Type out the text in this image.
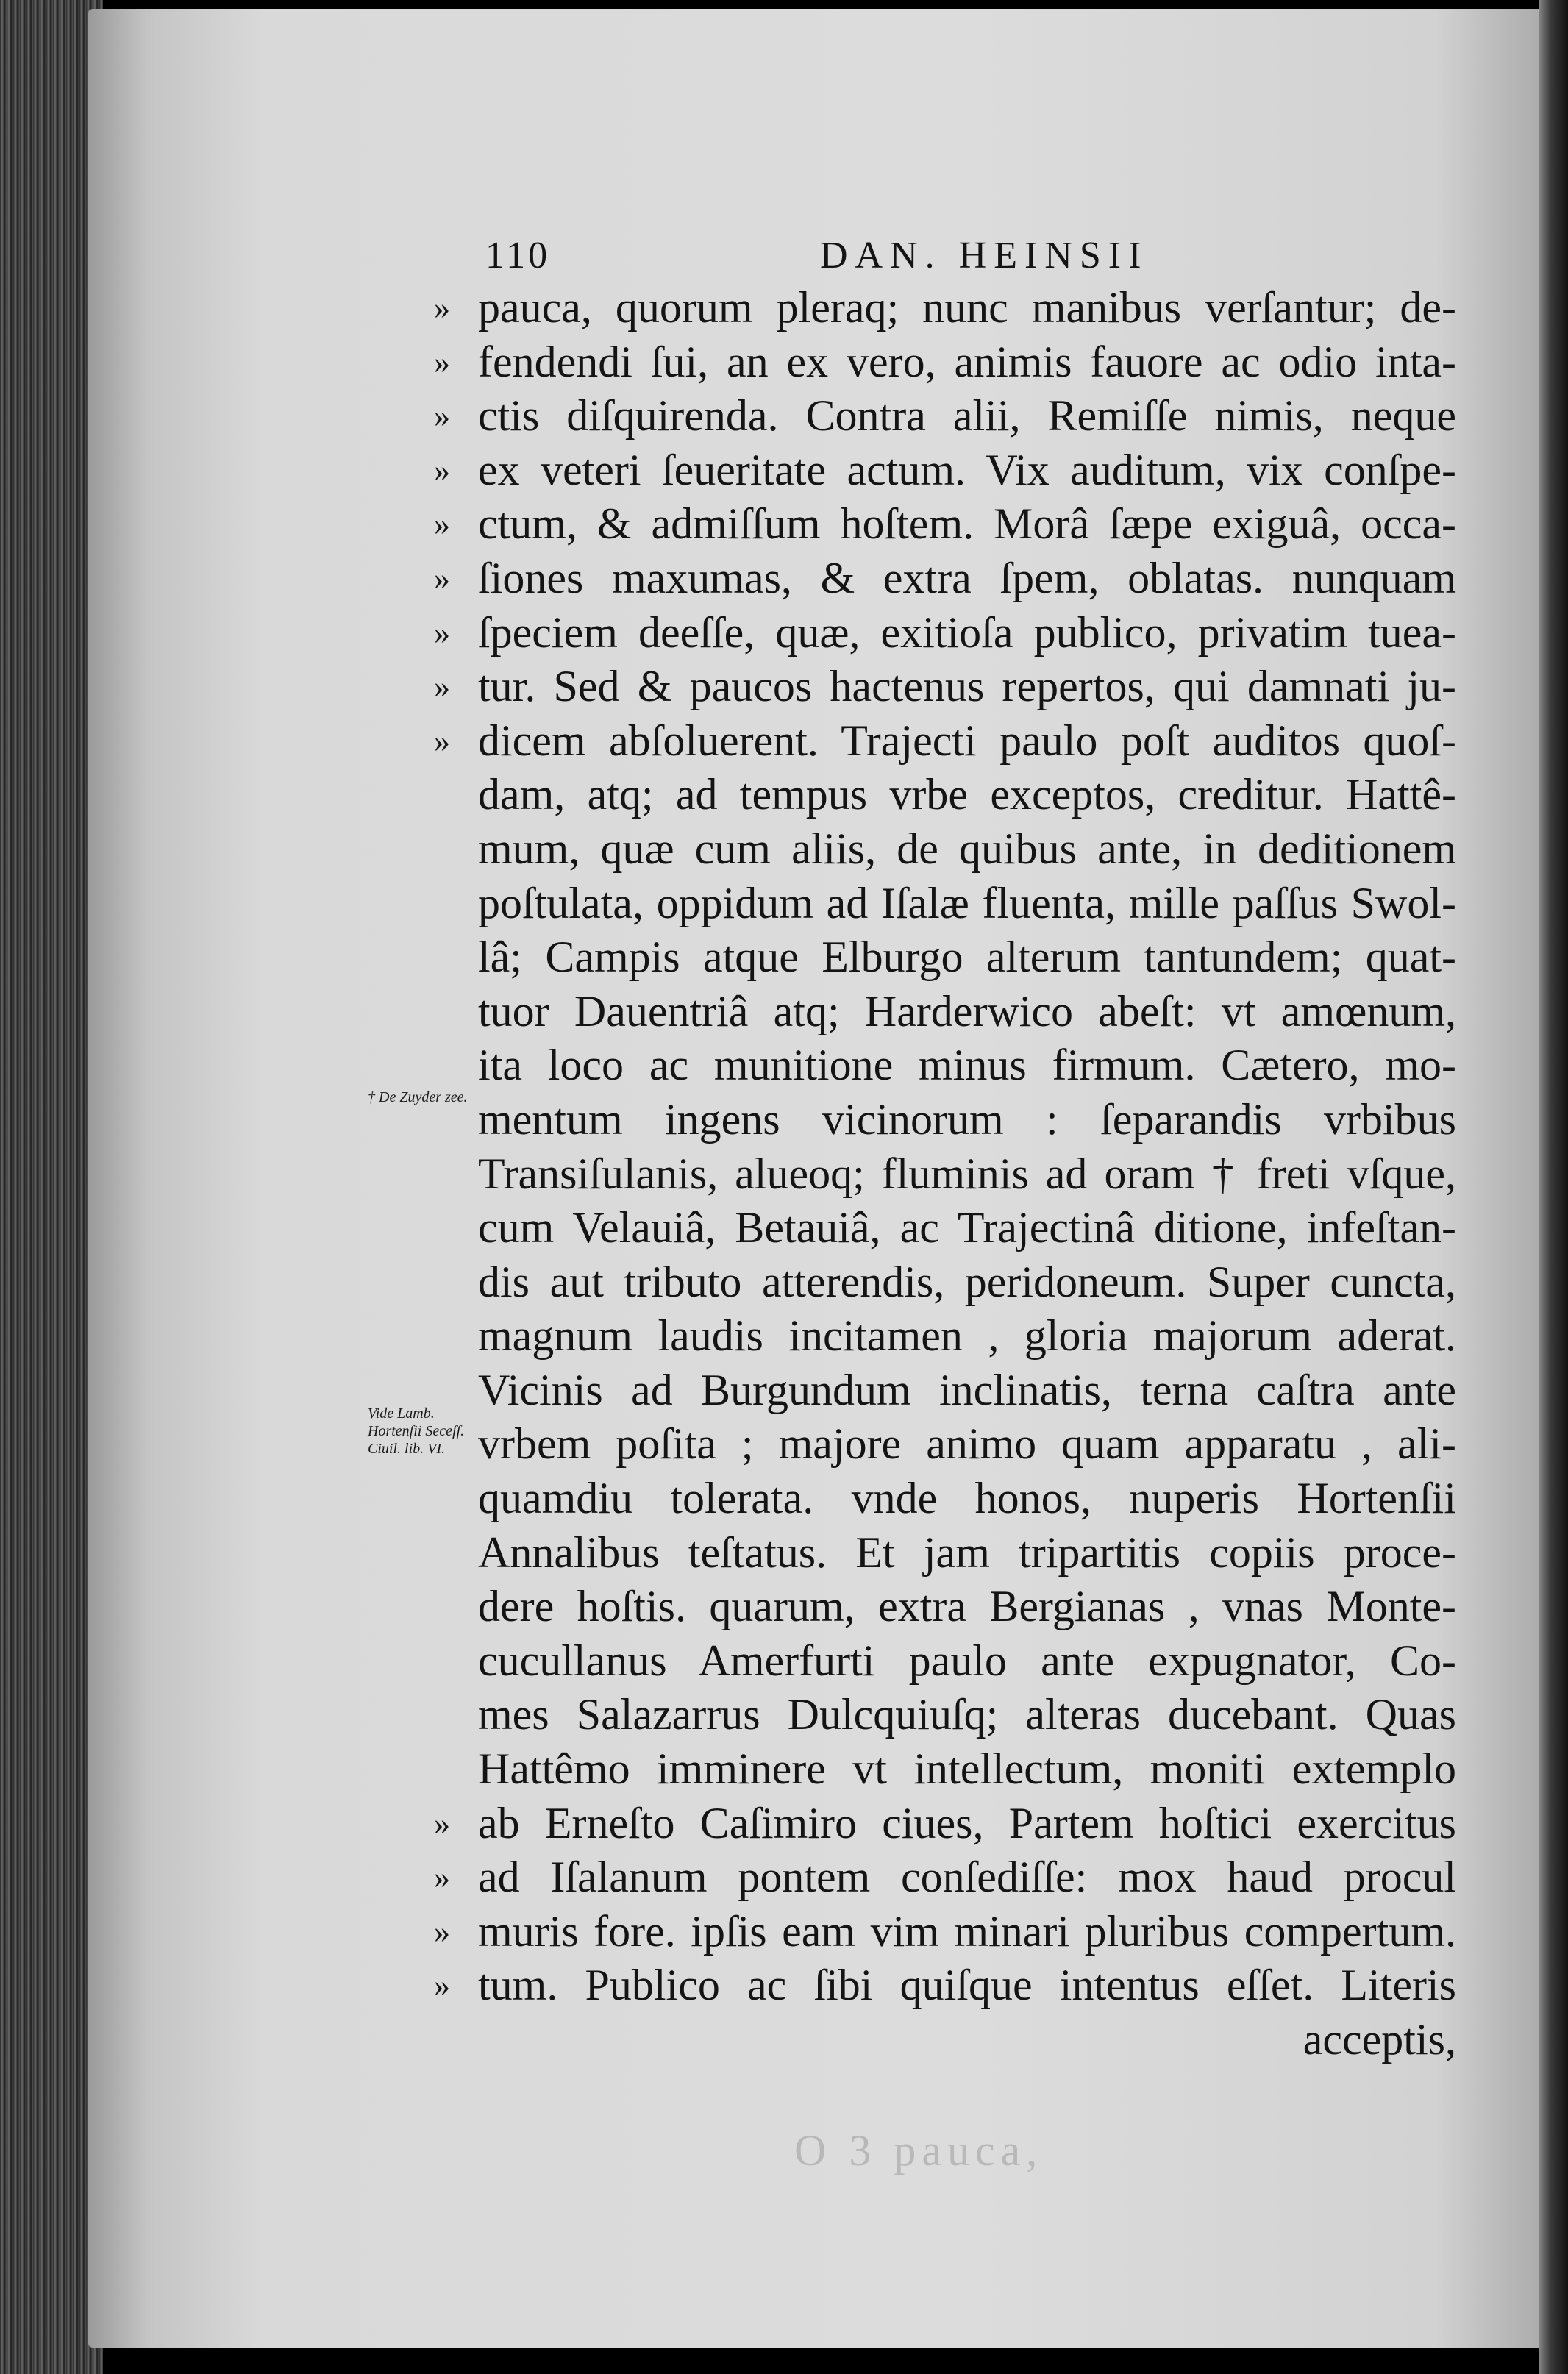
110	DAN. HEINSII
O 3 pauca,
» pauca, quorum pleraq; nunc manibus verſantur; de-
» fendendi ſui, an ex vero, animis fauore ac odio inta-
» ctis diſquirenda. Contra alii, Remiſſe nimis, neque
» ex veteri ſeueritate actum. Vix auditum, vix conſpe-
» ctum, & admiſſum hoſtem. Morâ ſæpe exiguâ, occa-
» ſiones maxumas, & extra ſpem, oblatas. nunquam
» ſpeciem deeſſe, quæ, exitioſa publico, privatim tuea-
» tur. Sed & paucos hactenus repertos, qui damnati ju-
» dicem abſoluerent. Trajecti paulo poſt auditos quoſ-
dam, atq; ad tempus vrbe exceptos, creditur. Hattê-
mum, quæ cum aliis, de quibus ante, in deditionem
poſtulata, oppidum ad Iſalæ fluenta, mille paſſus Swol-
lâ; Campis atque Elburgo alterum tantundem; quat-
tuor Dauentriâ atq; Harderwico abeſt: vt amœnum,
ita loco ac munitione minus firmum. Cætero, mo-
mentum ingens vicinorum : ſeparandis vrbibus
Transiſulanis, alueoq; fluminis ad oram † freti vſque,
cum Velauiâ, Betauiâ, ac Trajectinâ ditione, infeſtan-
dis aut tributo atterendis, peridoneum. Super cuncta,
magnum laudis incitamen , gloria majorum aderat.
Vicinis ad Burgundum inclinatis, terna caſtra ante
vrbem poſita ; majore animo quam apparatu , ali-
quamdiu tolerata. vnde honos, nuperis Hortenſii
Annalibus teſtatus. Et jam tripartitis copiis proce-
dere hoſtis. quarum, extra Bergianas , vnas Monte-
cucullanus Amerfurti paulo ante expugnator, Co-
mes Salazarrus Dulcquiuſq; alteras ducebant. Quas
Hattêmo imminere vt intellectum, moniti extemplo
» ab Erneſto Caſimiro ciues, Partem hoſtici exercitus
» ad Iſalanum pontem conſediſſe: mox haud procul
» muris fore. ipſis eam vim minari pluribus compertum.
» tum. Publico ac ſibi quiſque intentus eſſet. Literis
acceptis,
† De Zuyder zee.
Vide Lamb. Hortenſii Seceſſ. Ciuil. lib. VI.
